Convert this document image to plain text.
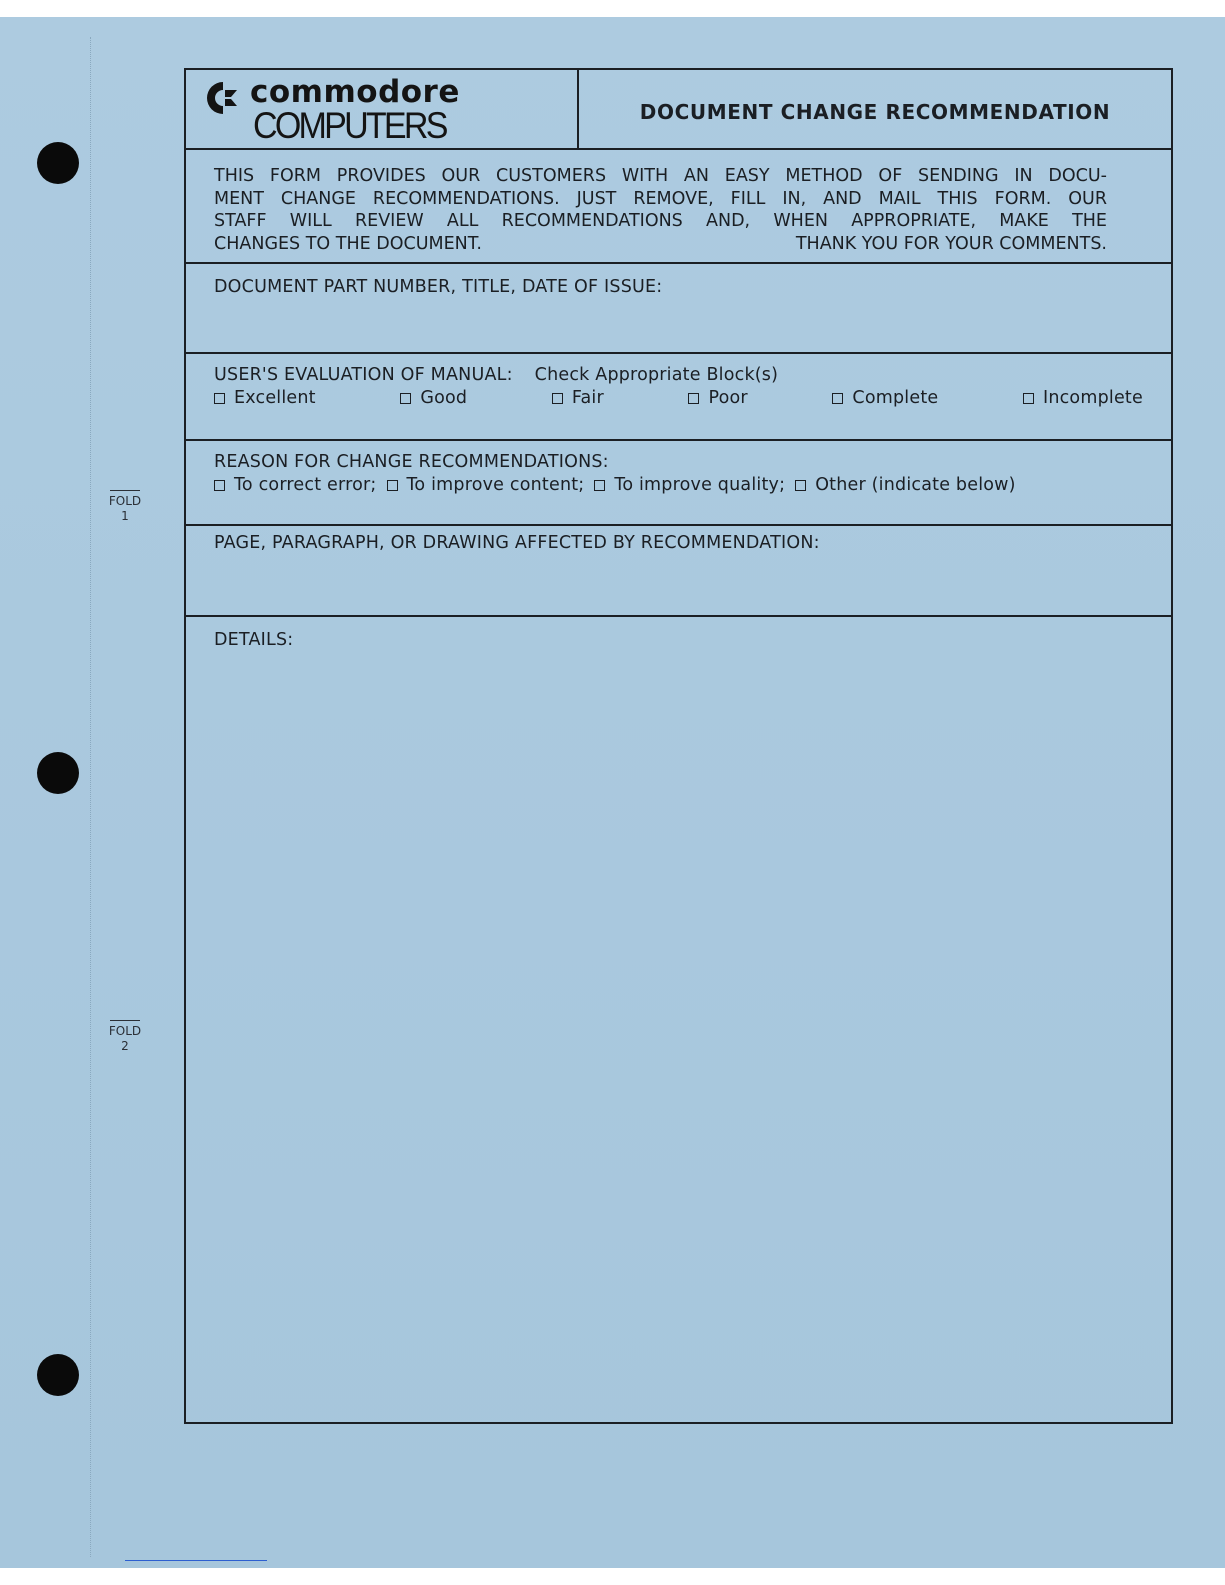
FOLD
1
FOLD
2
commodore
COMPUTERS	DOCUMENT CHANGE RECOMMENDATION

THIS FORM PROVIDES OUR CUSTOMERS WITH AN EASY METHOD OF SENDING IN DOCU-

MENT CHANGE RECOMMENDATIONS. JUST REMOVE, FILL IN, AND MAIL THIS FORM. OUR

STAFF WILL REVIEW ALL RECOMMENDATIONS AND, WHEN APPROPRIATE, MAKE THE

CHANGES TO THE DOCUMENT.	THANK YOU FOR YOUR COMMENTS.

DOCUMENT PART NUMBER, TITLE, DATE OF ISSUE:
USER'S EVALUATION OF MANUAL: Check Appropriate Block(s)
Excellent	Good	Fair	Poor	Complete	Incomplete
REASON FOR CHANGE RECOMMENDATIONS:
To correct error; To improve content; To improve quality; Other (indicate below)
PAGE, PARAGRAPH, OR DRAWING AFFECTED BY RECOMMENDATION:
DETAILS:
